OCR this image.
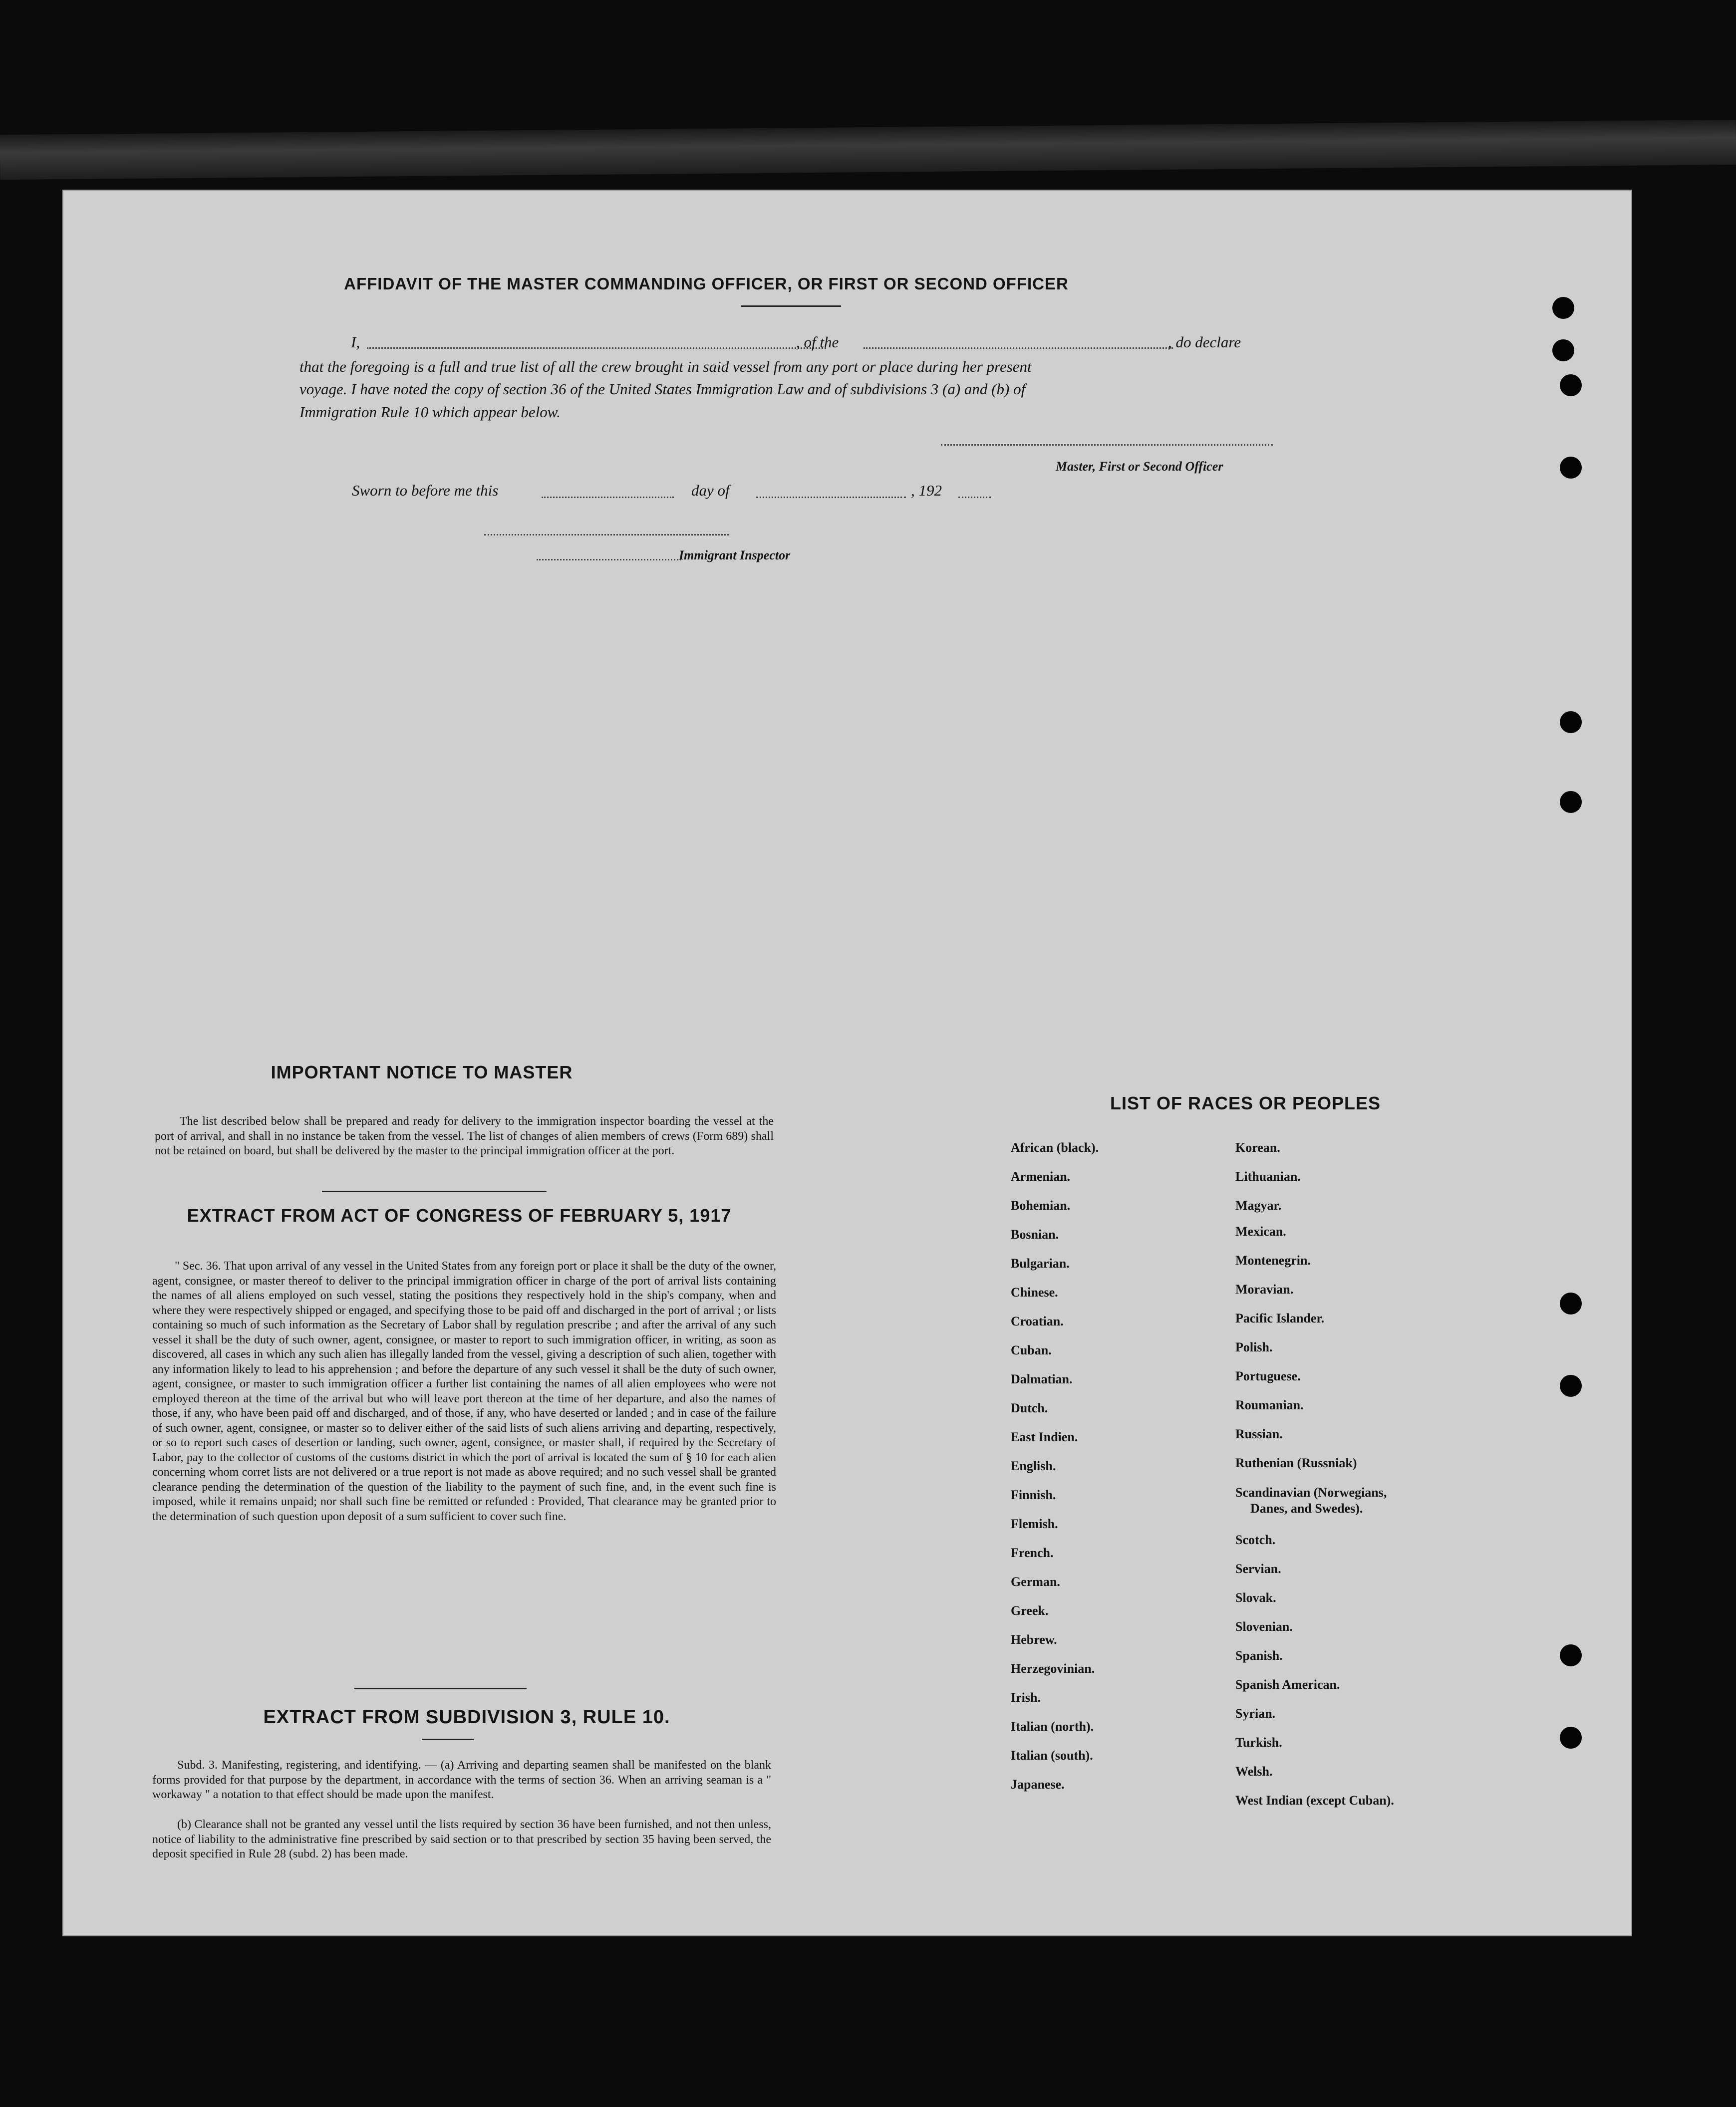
AFFIDAVIT OF THE MASTER COMMANDING OFFICER, OR FIRST OR SECOND OFFICER
I,	, of the	, do declare
that the foregoing is a full and true list of all the crew brought in said vessel from any port or place during her present
voyage. I have noted the copy of section 36 of the United States Immigration Law and of subdivisions 3 (a) and (b) of
Immigration Rule 10 which appear below.
Master, First or Second Officer
Sworn to before me this	day of	, 192
Immigrant Inspector
IMPORTANT NOTICE TO MASTER
The list described below shall be prepared and ready for delivery to the immigration inspector boarding the vessel at the port of arrival, and shall in no instance be taken from the vessel. The list of changes of alien members of crews (Form 689) shall not be retained on board, but shall be delivered by the master to the principal immigration officer at the port.
EXTRACT FROM ACT OF CONGRESS OF FEBRUARY 5, 1917
" Sec. 36. That upon arrival of any vessel in the United States from any foreign port or place it shall be the duty of the owner, agent, consignee, or master thereof to deliver to the principal immigration officer in charge of the port of arrival lists containing the names of all aliens employed on such vessel, stating the positions they respectively hold in the ship's company, when and where they were respectively shipped or engaged, and specifying those to be paid off and discharged in the port of arrival ; or lists containing so much of such information as the Secretary of Labor shall by regulation prescribe ; and after the arrival of any such vessel it shall be the duty of such owner, agent, consignee, or master to report to such immigration officer, in writing, as soon as discovered, all cases in which any such alien has illegally landed from the vessel, giving a description of such alien, together with any information likely to lead to his apprehension ; and before the departure of any such vessel it shall be the duty of such owner, agent, consignee, or master to such immigration officer a further list containing the names of all alien employees who were not employed thereon at the time of the arrival but who will leave port thereon at the time of her departure, and also the names of those, if any, who have been paid off and discharged, and of those, if any, who have deserted or landed ; and in case of the failure of such owner, agent, consignee, or master so to deliver either of the said lists of such aliens arriving and departing, respectively, or so to report such cases of desertion or landing, such owner, agent, consignee, or master shall, if required by the Secretary of Labor, pay to the collector of customs of the customs district in which the port of arrival is located the sum of § 10 for each alien concerning whom corret lists are not delivered or a true report is not made as above required; and no such vessel shall be granted clearance pending the determination of the question of the liability to the payment of such fine, and, in the event such fine is imposed, while it remains unpaid; nor shall such fine be remitted or refunded : Provided, That clearance may be granted prior to the determination of such question upon deposit of a sum sufficient to cover such fine.
EXTRACT FROM SUBDIVISION 3, RULE 10.
Subd. 3. Manifesting, registering, and identifying. — (a) Arriving and departing seamen shall be manifested on the blank forms provided for that purpose by the department, in accordance with the terms of section 36. When an arriving seaman is a " workaway " a notation to that effect should be made upon the manifest.
(b) Clearance shall not be granted any vessel until the lists required by section 36 have been furnished, and not then unless, notice of liability to the administrative fine prescribed by said section or to that prescribed by section 35 having been served, the deposit specified in Rule 28 (subd. 2) has been made.
LIST OF RACES OR PEOPLES
African (black).
Armenian.
Bohemian.
Bosnian.
Bulgarian.
Chinese.
Croatian.
Cuban.
Dalmatian.
Dutch.
East Indien.
English.
Finnish.
Flemish.
French.
German.
Greek.
Hebrew.
Herzegovinian.
Irish.
Italian (north).
Italian (south).
Japanese.
Korean.
Lithuanian.
Magyar.
Mexican.
Montenegrin.
Moravian.
Pacific Islander.
Polish.
Portuguese.
Roumanian.
Russian.
Ruthenian (Russniak)
Scandinavian (Norwegians,
Danes, and Swedes).
Scotch.
Servian.
Slovak.
Slovenian.
Spanish.
Spanish American.
Syrian.
Turkish.
Welsh.
West Indian (except Cuban).
